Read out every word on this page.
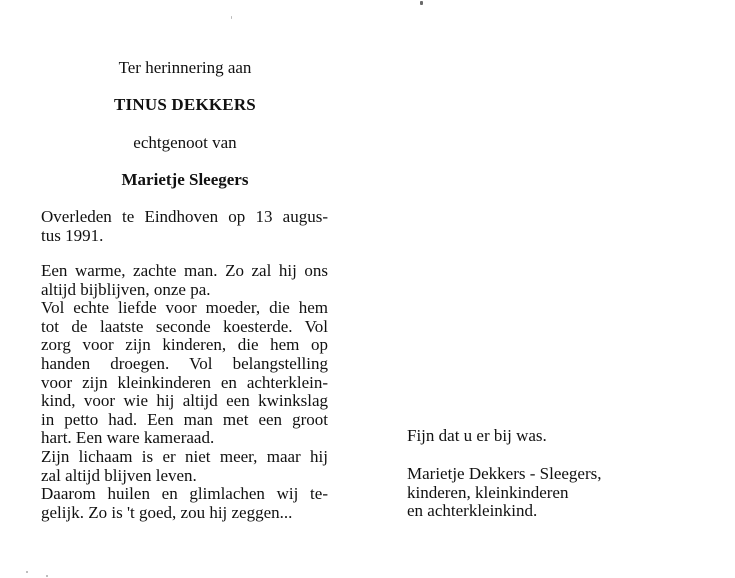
Ter herinnering aan
TINUS DEKKERS
echtgenoot van
Marietje Sleegers
Overleden te Eindhoven op 13 augus-
tus 1991.
Een warme, zachte man. Zo zal hij ons
altijd bijblijven, onze pa.
Vol echte liefde voor moeder, die hem
tot de laatste seconde koesterde. Vol
zorg voor zijn kinderen, die hem op
handen droegen. Vol belangstelling
voor zijn kleinkinderen en achterklein-
kind, voor wie hij altijd een kwinkslag
in petto had. Een man met een groot
hart. Een ware kameraad.
Zijn lichaam is er niet meer, maar hij
zal altijd blijven leven.
Daarom huilen en glimlachen wij te-
gelijk. Zo is 't goed, zou hij zeggen...
Fijn dat u er bij was.
Marietje Dekkers - Sleegers,
kinderen, kleinkinderen
en achterkleinkind.
